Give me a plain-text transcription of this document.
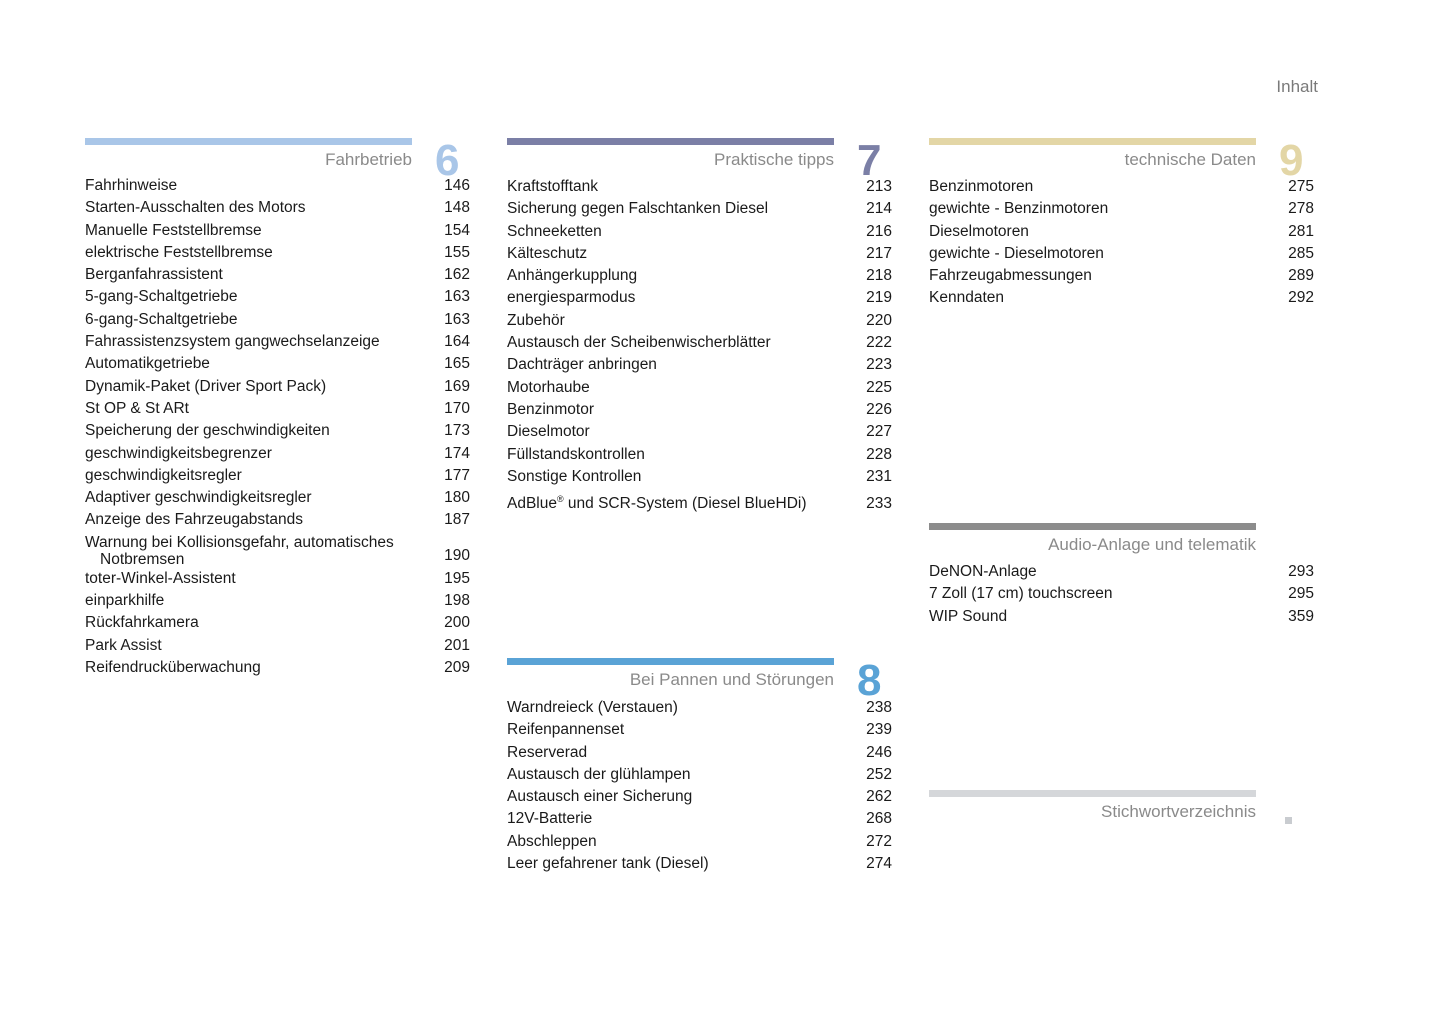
Inhalt
Fahrbetrieb 6
Fahrhinweise	146
Starten-Ausschalten des Motors	148
Manuelle Feststellbremse	154
elektrische Feststellbremse	155
Berganfahrassistent	162
5-gang-Schaltgetriebe	163
6-gang-Schaltgetriebe	163
Fahrassistenzsystem gangwechselanzeige	164
Automatikgetriebe	165
Dynamik-Paket (Driver Sport Pack)	169
St OP & St ARt	170
Speicherung der geschwindigkeiten	173
geschwindigkeitsbegrenzer	174
geschwindigkeitsregler	177
Adaptiver geschwindigkeitsregler	180
Anzeige des Fahrzeugabstands	187
Warnung bei Kollisionsgefahr, automatisches
Notbremsen	190
toter-Winkel-Assistent	195
einparkhilfe	198
Rückfahrkamera	200
Park Assist	201
Reifendrucküberwachung	209
Praktische tipps 7
Kraftstofftank	213
Sicherung gegen Falschtanken Diesel	214
Schneeketten	216
Kälteschutz	217
Anhängerkupplung	218
energiesparmodus	219
Zubehör	220
Austausch der Scheibenwischerblätter	222
Dachträger anbringen	223
Motorhaube	225
Benzinmotor	226
Dieselmotor	227
Füllstandskontrollen	228
Sonstige Kontrollen	231
AdBlue® und SCR-System (Diesel BlueHDi)	233
Bei Pannen und Störungen 8
Warndreieck (Verstauen)	238
Reifenpannenset	239
Reserverad	246
Austausch der glühlampen	252
Austausch einer Sicherung	262
12V-Batterie	268
Abschleppen	272
Leer gefahrener tank (Diesel)	274
technische Daten 9
Benzinmotoren	275
gewichte - Benzinmotoren	278
Dieselmotoren	281
gewichte - Dieselmotoren	285
Fahrzeugabmessungen	289
Kenndaten	292
Audio-Anlage und telematik
DeNON-Anlage	293
7 Zoll (17 cm) touchscreen	295
WIP Sound	359
Stichwortverzeichnis
